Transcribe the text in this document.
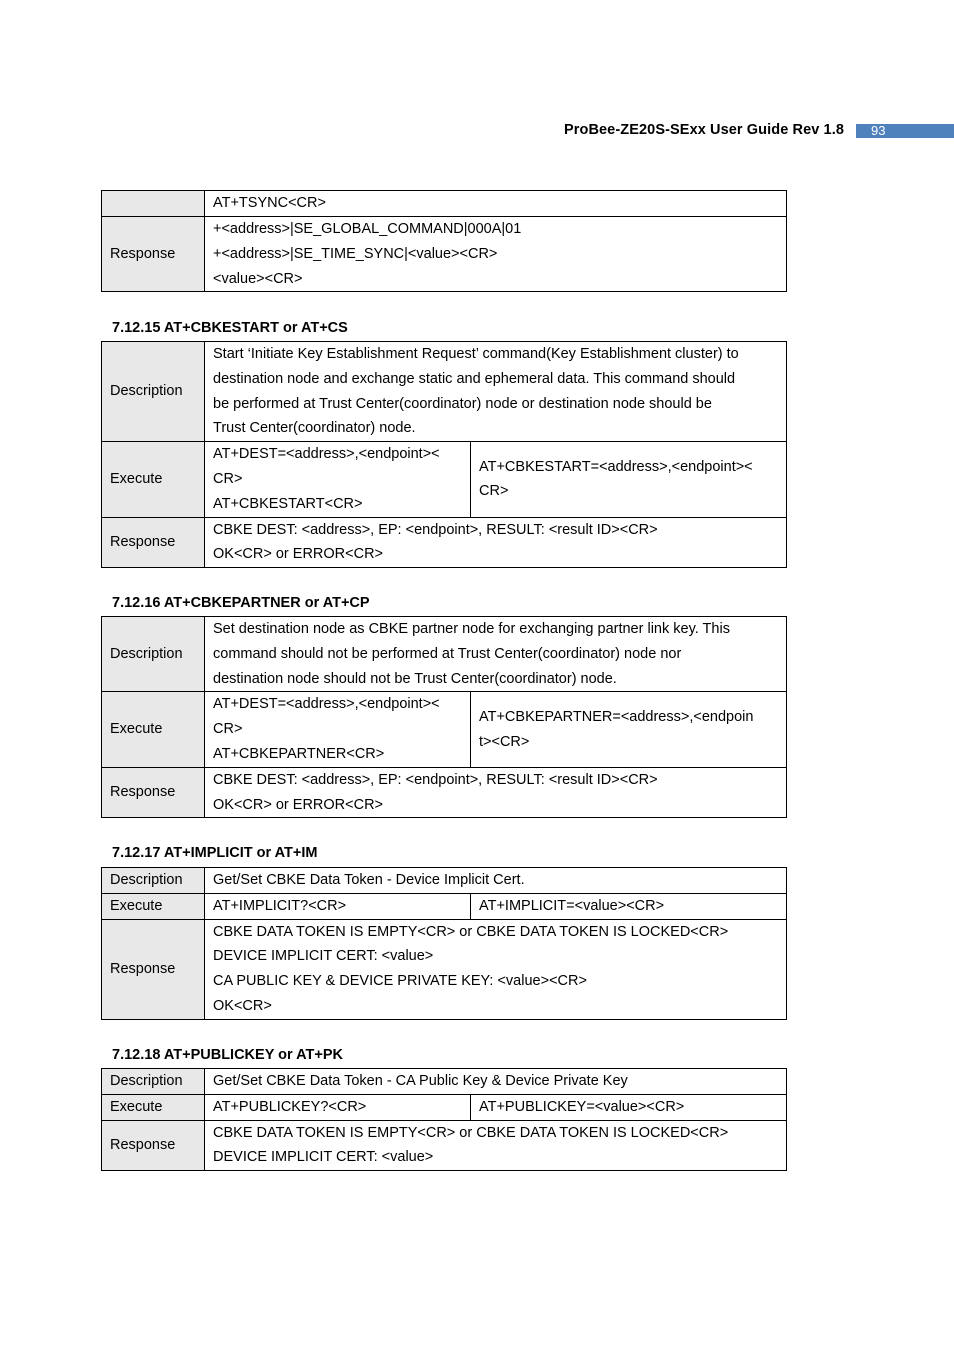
ProBee-ZE20S-SExx User Guide Rev 1.8	93
	AT+TSYNC<CR>
Response	+<address>|SE_GLOBAL_COMMAND|000A|01
+<address>|SE_TIME_SYNC|<value><CR>
<value><CR>
7.12.15 AT+CBKESTART or AT+CS
Description	Start ‘Initiate Key Establishment Request’ command(Key Establishment cluster) to
destination node and exchange static and ephemeral data. This command should
be performed at Trust Center(coordinator) node or destination node should be
Trust Center(coordinator) node.	

Execute	AT+DEST=<address>,<endpoint><
CR>
AT+CBKESTART<CR>	AT+CBKESTART=<address>,<endpoint><
CR>

Response	CBKE DEST: <address>, EP: <endpoint>, RESULT: <result ID><CR>
OK<CR> or ERROR<CR>	
7.12.16 AT+CBKEPARTNER or AT+CP
Description	Set destination node as CBKE partner node for exchanging partner link key. This
command should not be performed at Trust Center(coordinator) node nor
destination node should not be Trust Center(coordinator) node.	

Execute	AT+DEST=<address>,<endpoint><
CR>
AT+CBKEPARTNER<CR>	AT+CBKEPARTNER=<address>,<endpoin
t><CR>

Response	CBKE DEST: <address>, EP: <endpoint>, RESULT: <result ID><CR>
OK<CR> or ERROR<CR>	
7.12.17 AT+IMPLICIT or AT+IM
Description	Get/Set CBKE Data Token - Device Implicit Cert.	
Execute	AT+IMPLICIT?<CR>	AT+IMPLICIT=<value><CR>
Response	CBKE DATA TOKEN IS EMPTY<CR> or CBKE DATA TOKEN IS LOCKED<CR>
DEVICE IMPLICIT CERT: <value>
CA PUBLIC KEY & DEVICE PRIVATE KEY: <value><CR>
OK<CR>	
7.12.18 AT+PUBLICKEY or AT+PK
Description	Get/Set CBKE Data Token - CA Public Key & Device Private Key	
Execute	AT+PUBLICKEY?<CR>	AT+PUBLICKEY=<value><CR>
Response	CBKE DATA TOKEN IS EMPTY<CR> or CBKE DATA TOKEN IS LOCKED<CR>
DEVICE IMPLICIT CERT: <value>	
